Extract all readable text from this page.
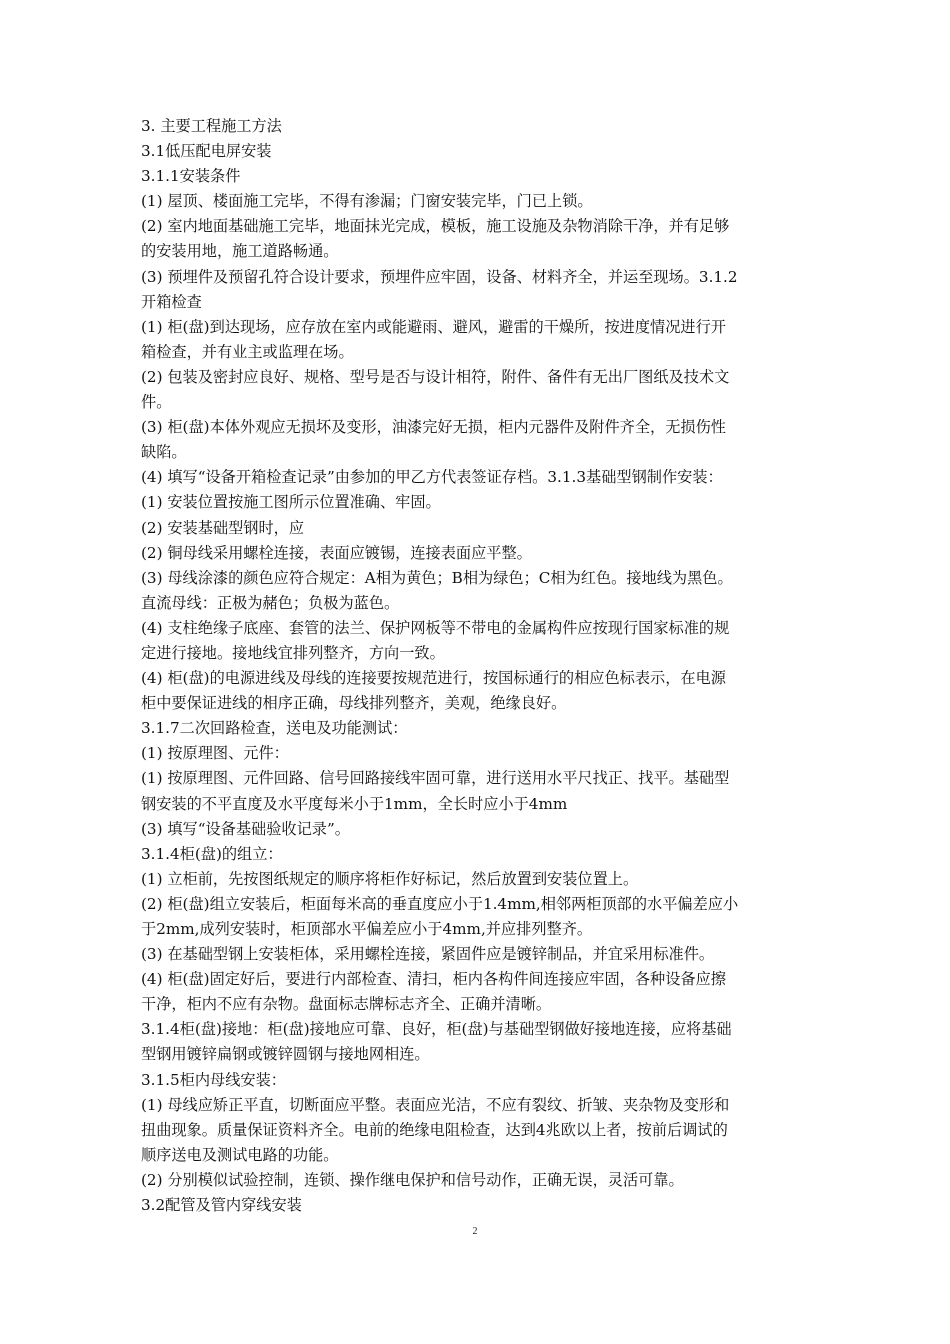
3. 主要工程施工方法
3.1低压配电屏安装
3.1.1安装条件
(1) 屋顶、楼面施工完毕，不得有渗漏；门窗安装完毕，门已上锁。
(2) 室内地面基础施工完毕，地面抹光完成，模板，施工设施及杂物消除干净，并有足够
的安装用地，施工道路畅通。
(3) 预埋件及预留孔符合设计要求，预埋件应牢固，设备、材料齐全，并运至现场。3.1.2
开箱检查
(1) 柜(盘)到达现场，应存放在室内或能避雨、避风，避雷的干燥所，按进度情况进行开
箱检查，并有业主或监理在场。
(2) 包装及密封应良好、规格、型号是否与设计相符，附件、备件有无出厂图纸及技术文
件。
(3) 柜(盘)本体外观应无损坏及变形，油漆完好无损，柜内元器件及附件齐全，无损伤性
缺陷。
(4) 填写“设备开箱检查记录”由参加的甲乙方代表签证存档。3.1.3基础型钢制作安装：
(1) 安装位置按施工图所示位置准确、牢固。
(2) 安装基础型钢时，应
(2) 铜母线采用螺栓连接，表面应镀锡，连接表面应平整。
(3) 母线涂漆的颜色应符合规定：A相为黄色；B相为绿色；C相为红色。接地线为黑色。
直流母线：正极为赭色；负极为蓝色。
(4) 支柱绝缘子底座、套管的法兰、保护网板等不带电的金属构件应按现行国家标准的规
定进行接地。接地线宜排列整齐，方向一致。
(4) 柜(盘)的电源进线及母线的连接要按规范进行，按国标通行的相应色标表示，在电源
柜中要保证进线的相序正确，母线排列整齐，美观，绝缘良好。
3.1.7二次回路检查，送电及功能测试：
(1) 按原理图、元件：
(1) 按原理图、元件回路、信号回路接线牢固可靠，进行送用水平尺找正、找平。基础型
钢安装的不平直度及水平度每米小于1mm，全长时应小于4mm
(3) 填写“设备基础验收记录”。
3.1.4柜(盘)的组立：
(1) 立柜前，先按图纸规定的顺序将柜作好标记，然后放置到安装位置上。
(2) 柜(盘)组立安装后，柜面每米高的垂直度应小于1.4mm,相邻两柜顶部的水平偏差应小
于2mm,成列安装时，柜顶部水平偏差应小于4mm,并应排列整齐。
(3) 在基础型钢上安装柜体，采用螺栓连接，紧固件应是镀锌制品，并宜采用标准件。
(4) 柜(盘)固定好后，要进行内部检查、清扫，柜内各构件间连接应牢固，各种设备应擦
干净，柜内不应有杂物。盘面标志牌标志齐全、正确并清晰。
3.1.4柜(盘)接地：柜(盘)接地应可靠、良好，柜(盘)与基础型钢做好接地连接，应将基础
型钢用镀锌扁钢或镀锌圆钢与接地网相连。
3.1.5柜内母线安装：
(1) 母线应矫正平直，切断面应平整。表面应光洁，不应有裂纹、折皱、夹杂物及变形和
扭曲现象。质量保证资料齐全。电前的绝缘电阻检查，达到4兆欧以上者，按前后调试的
顺序送电及测试电路的功能。
(2) 分别模似试验控制，连锁、操作继电保护和信号动作，正确无误，灵活可靠。
3.2配管及管内穿线安装
2
